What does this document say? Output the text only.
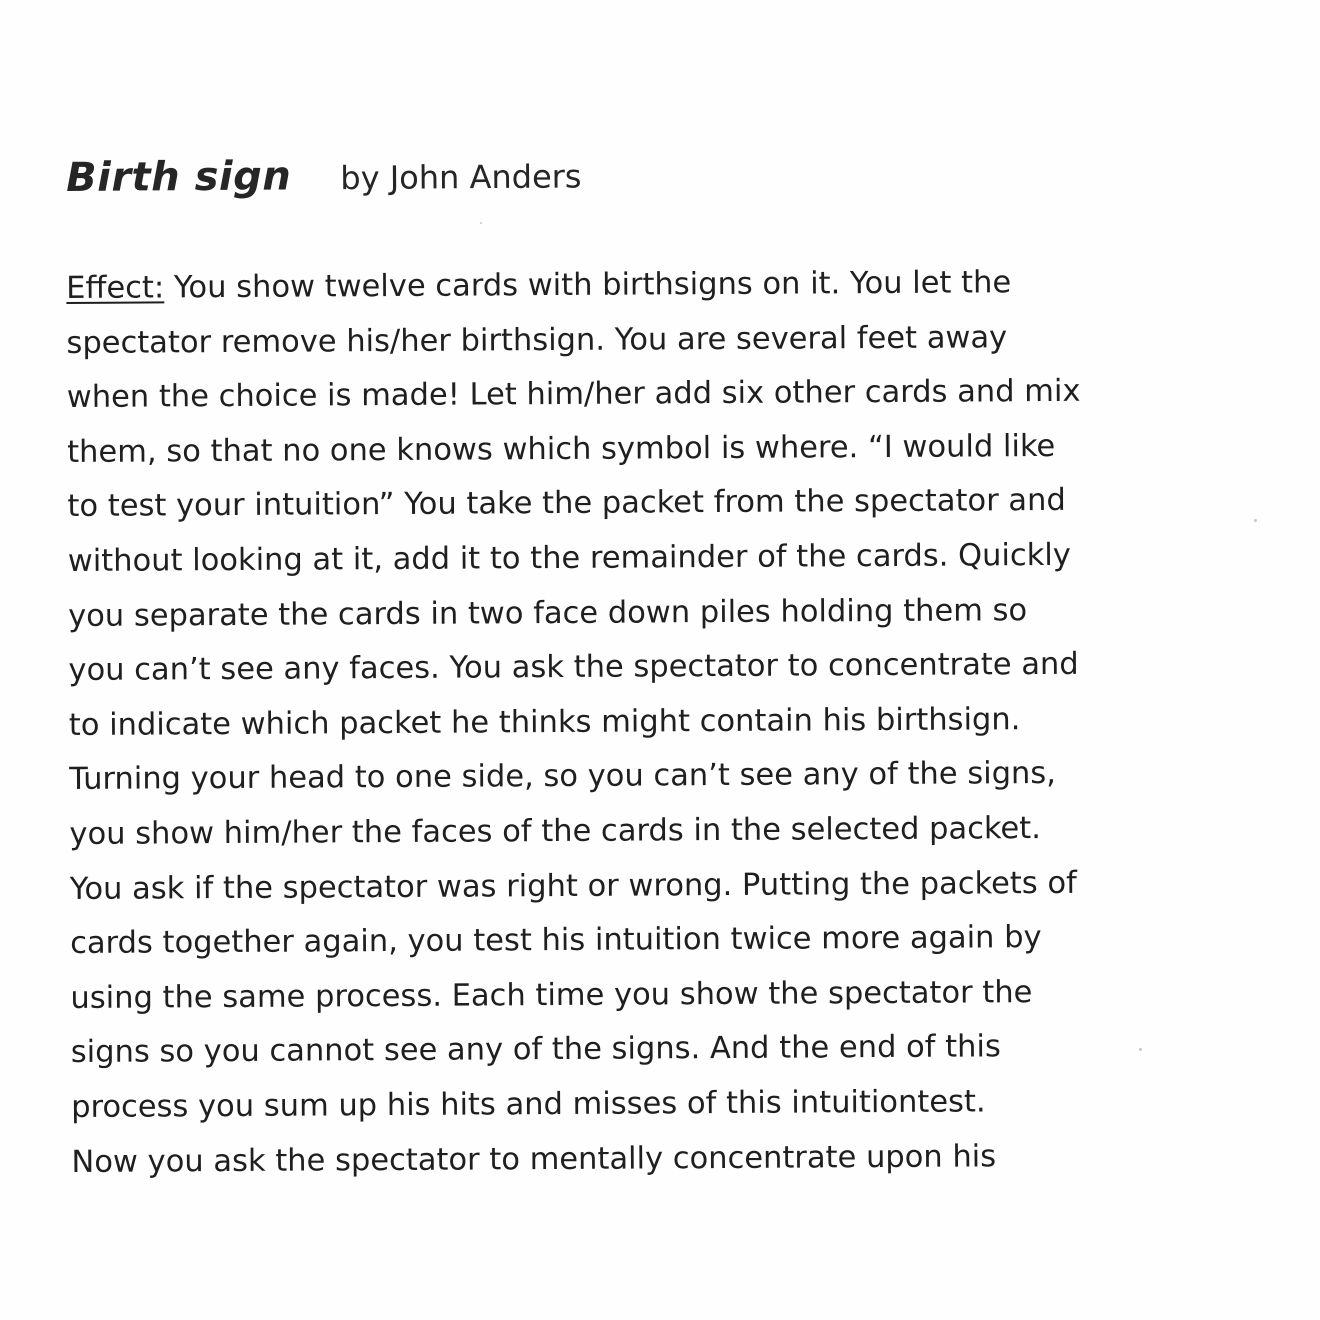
Birth sign by John Anders
Effect: You show twelve cards with birthsigns on it. You let the
spectator remove his/her birthsign. You are several feet away
when the choice is made! Let him/her add six other cards and mix
them, so that no one knows which symbol is where. “I would like
to test your intuition” You take the packet from the spectator and
without looking at it, add it to the remainder of the cards. Quickly
you separate the cards in two face down piles holding them so
you can’t see any faces. You ask the spectator to concentrate and
to indicate which packet he thinks might contain his birthsign.
Turning your head to one side, so you can’t see any of the signs,
you show him/her the faces of the cards in the selected packet.
You ask if the spectator was right or wrong. Putting the packets of
cards together again, you test his intuition twice more again by
using the same process. Each time you show the spectator the
signs so you cannot see any of the signs. And the end of this
process you sum up his hits and misses of this intuitiontest.
Now you ask the spectator to mentally concentrate upon his
